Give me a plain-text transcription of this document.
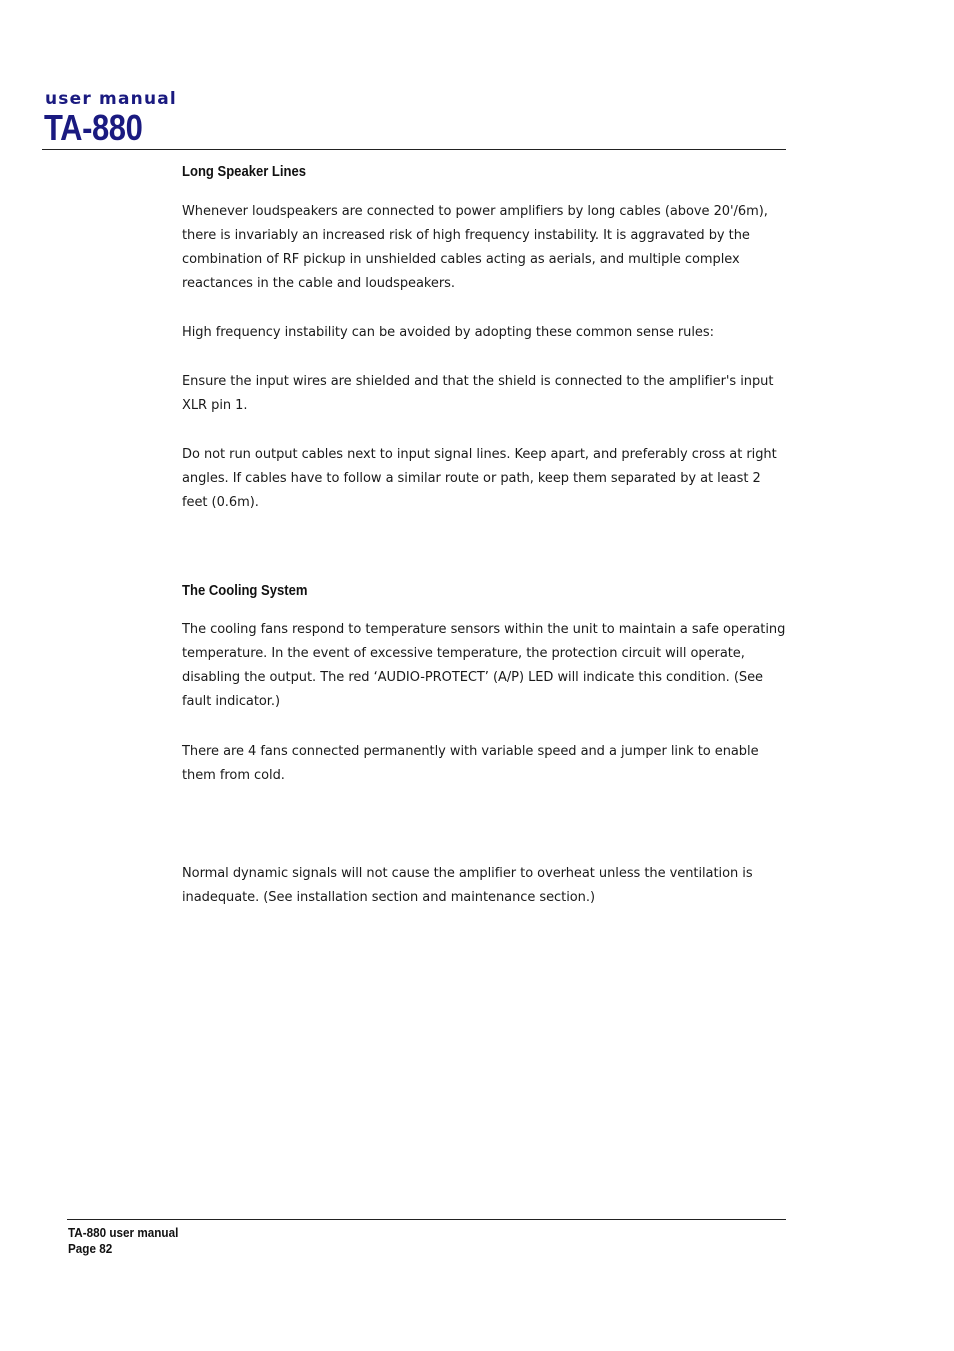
user manual
TA-880
Long Speaker Lines

Whenever loudspeakers are connected to power amplifiers by long cables (above 20'/6m), there is invariably an increased risk of high frequency instability. It is aggravated by the combination of RF pickup in unshielded cables acting as aerials, and multiple complex reactances in the cable and loudspeakers.

High frequency instability can be avoided by adopting these common sense rules:

Ensure the input wires are shielded and that the shield is connected to the amplifier's input XLR pin 1.

Do not run output cables next to input signal lines. Keep apart, and preferably cross at right angles. If cables have to follow a similar route or path, keep them separated by at least 2 feet (0.6m).

The Cooling System

The cooling fans respond to temperature sensors within the unit to maintain a safe operating temperature. In the event of excessive temperature, the protection circuit will operate, disabling the output. The red ‘AUDIO-PROTECT’ (A/P) LED will indicate this condition. (See fault indicator.)

There are 4 fans connected permanently with variable speed and a jumper link to enable them from cold.

Normal dynamic signals will not cause the amplifier to overheat unless the ventilation is inadequate. (See installation section and maintenance section.)

TA-880 user manual
Page 82
